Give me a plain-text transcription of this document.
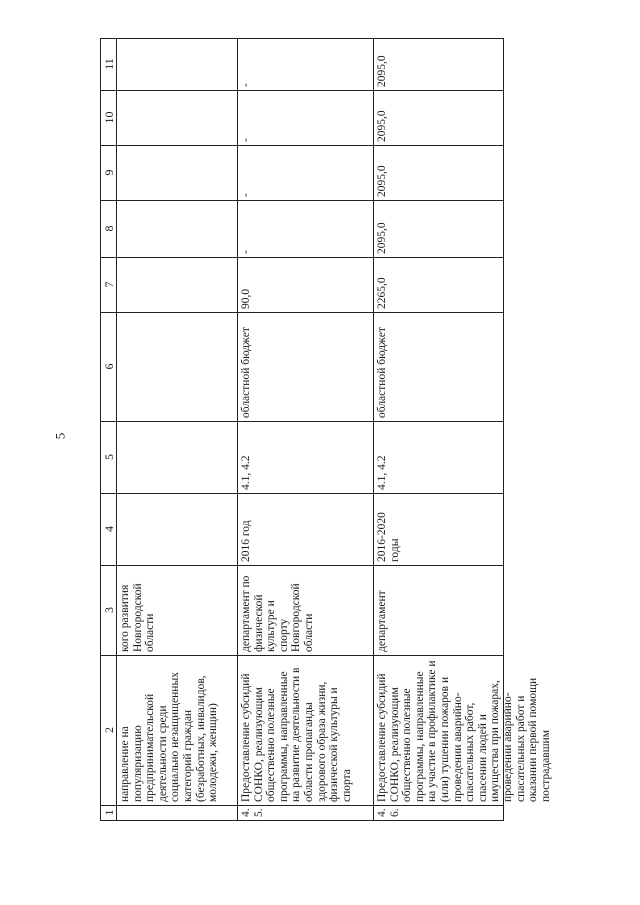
5
1
2
3
4
5
6
7
8
9
10
11
направление на популяризацию предпринимательской деятельности среди социально незащищенных категорий граждан (безработных, инвалидов, молодежи, женщин)
кого развития Новгородской области
4.5.
Предоставление субсидий СОНКО, реализующим общественно полезные программы, направленные на развитие деятельности в области пропаганды здорового образа жизни, физической культуры и спорта
департамент по физической культуре и спорту Новгородской области
2016 год
4.1, 4.2
областной бюджет
90,0
-
-
-
-
4.6.
Предоставление субсидий СОНКО, реализующим общественно полезные программы, направленные на участие в профилактике и (или) тушении пожаров и проведении аварийно-спасательных работ, спасении людей и имущества при пожарах, проведении аварийно-спасательных работ и оказании первой помощи пострадавшим
департамент
2016-2020 годы
4.1, 4.2
областной бюджет
2265,0
2095,0
2095,0
2095,0
2095,0
